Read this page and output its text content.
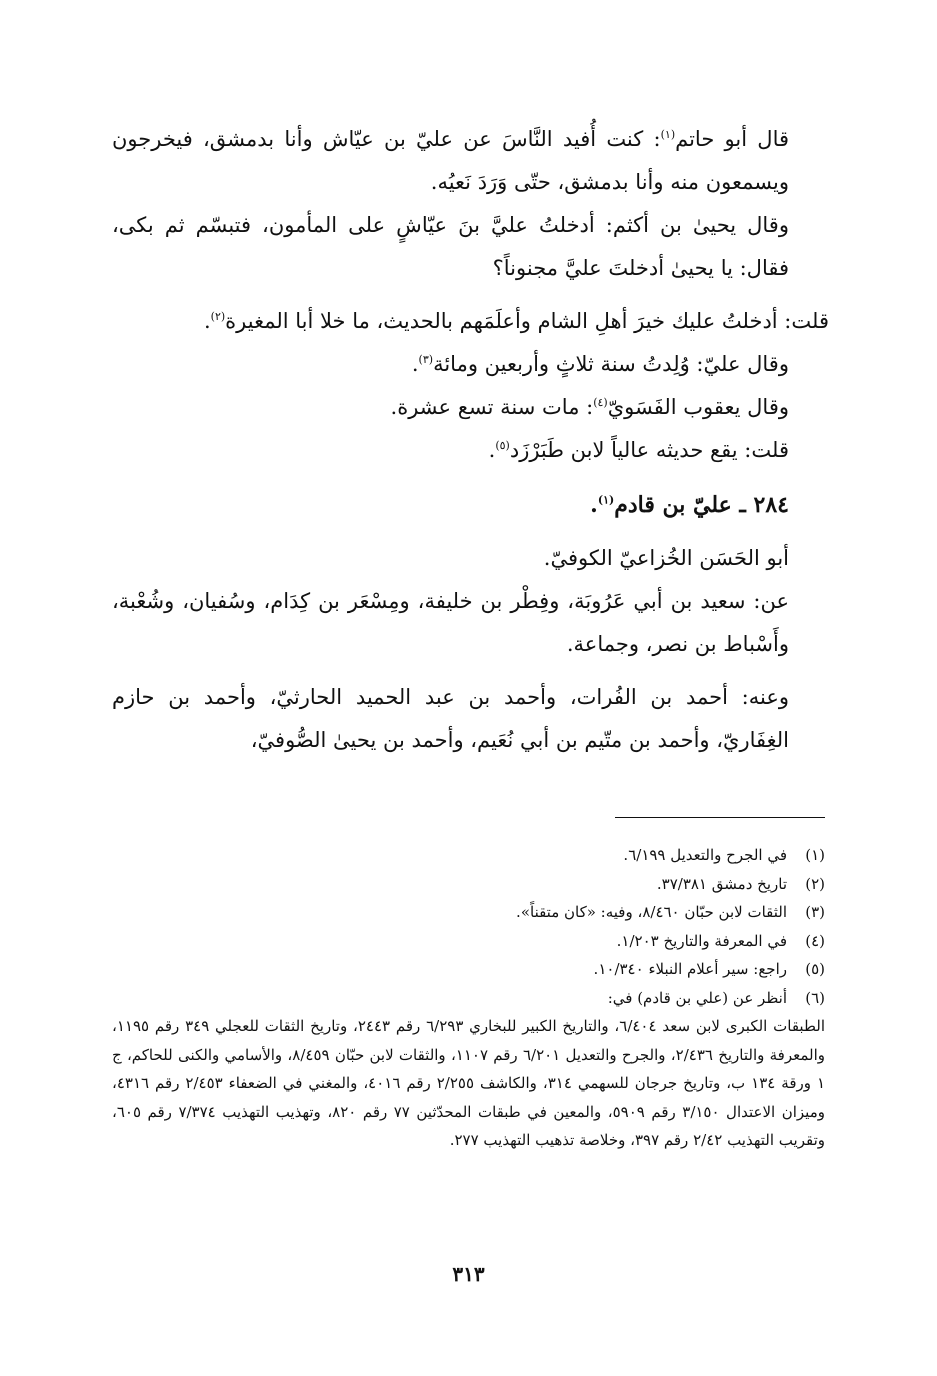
قال أبو حاتم$^{(١)}$: كنت أُفيد النَّاسَ عن عليّ بن عيّاش وأنا بدمشق، فيخرجون ويسمعون منه وأنا بدمشق، حتّى وَرَدَ نَعيُه.

وقال يحيىٰ بن أكثم: أدخلتُ عليَّ بنَ عيّاشٍ على المأمون، فتبسّم ثم بكى، فقال: يا يحيىٰ أدخلتَ عليَّ مجنوناً؟

قلت: أدخلتُ عليك خيرَ أهلِ الشام وأعلَمَهم بالحديث، ما خلا أبا المغيرة$^{(٢)}$.

وقال عليّ: وُلِدتُ سنة ثلاثٍ وأربعين ومائة$^{(٣)}$.

وقال يعقوب الفَسَويّ$^{(٤)}$: مات سنة تسع عشرة.

قلت: يقع حديثه عالياً لابن طَبَرْزَد$^{(٥)}$.

٢٨٤ ـ عليّ بن قادم$^{(١)}$.

أبو الحَسَن الخُزاعيّ الكوفيّ.

عن: سعيد بن أبي عَرُوبَة، وفِطْر بن خليفة، ومِسْعَر بن كِدَام، وسُفيان، وشُعْبة، وأَسْباط بن نصر، وجماعة.

وعنه: أحمد بن الفُرات، وأحمد بن عبد الحميد الحارثيّ، وأحمد بن حازم الغِفَاريّ، وأحمد بن متّيم بن أبي نُعَيم، وأحمد بن يحيىٰ الصُّوفيّ،

(١)
في الجرح والتعديل ٦/١٩٩.

(٢)
تاريخ دمشق ٣٧/٣٨١.

(٣)
الثقات لابن حبّان ٨/٤٦٠، وفيه: «كان متقناً».

(٤)
في المعرفة والتاريخ ١/٢٠٣.

(٥)
راجع: سير أعلام النبلاء ١٠/٣٤٠.

(٦)
أنظر عن (علي بن قادم) في:

الطبقات الكبرى لابن سعد ٦/٤٠٤، والتاريخ الكبير للبخاري ٦/٢٩٣ رقم ٢٤٤٣، وتاريخ الثقات للعجلي ٣٤٩ رقم ١١٩٥، والمعرفة والتاريخ ٢/٤٣٦، والجرح والتعديل ٦/٢٠١ رقم ١١٠٧، والثقات لابن حبّان ٨/٤٥٩، والأسامي والكنى للحاكم، ج ١ ورقة ١٣٤ ب، وتاريخ جرجان للسهمي ٣١٤، والكاشف ٢/٢٥٥ رقم ٤٠١٦، والمغني في الضعفاء ٢/٤٥٣ رقم ٤٣١٦، وميزان الاعتدال ٣/١٥٠ رقم ٥٩٠٩، والمعين في طبقات المحدّثين ٧٧ رقم ٨٢٠، وتهذيب التهذيب ٧/٣٧٤ رقم ٦٠٥، وتقريب التهذيب ٢/٤٢ رقم ٣٩٧، وخلاصة تذهيب التهذيب ٢٧٧.

٣١٣
